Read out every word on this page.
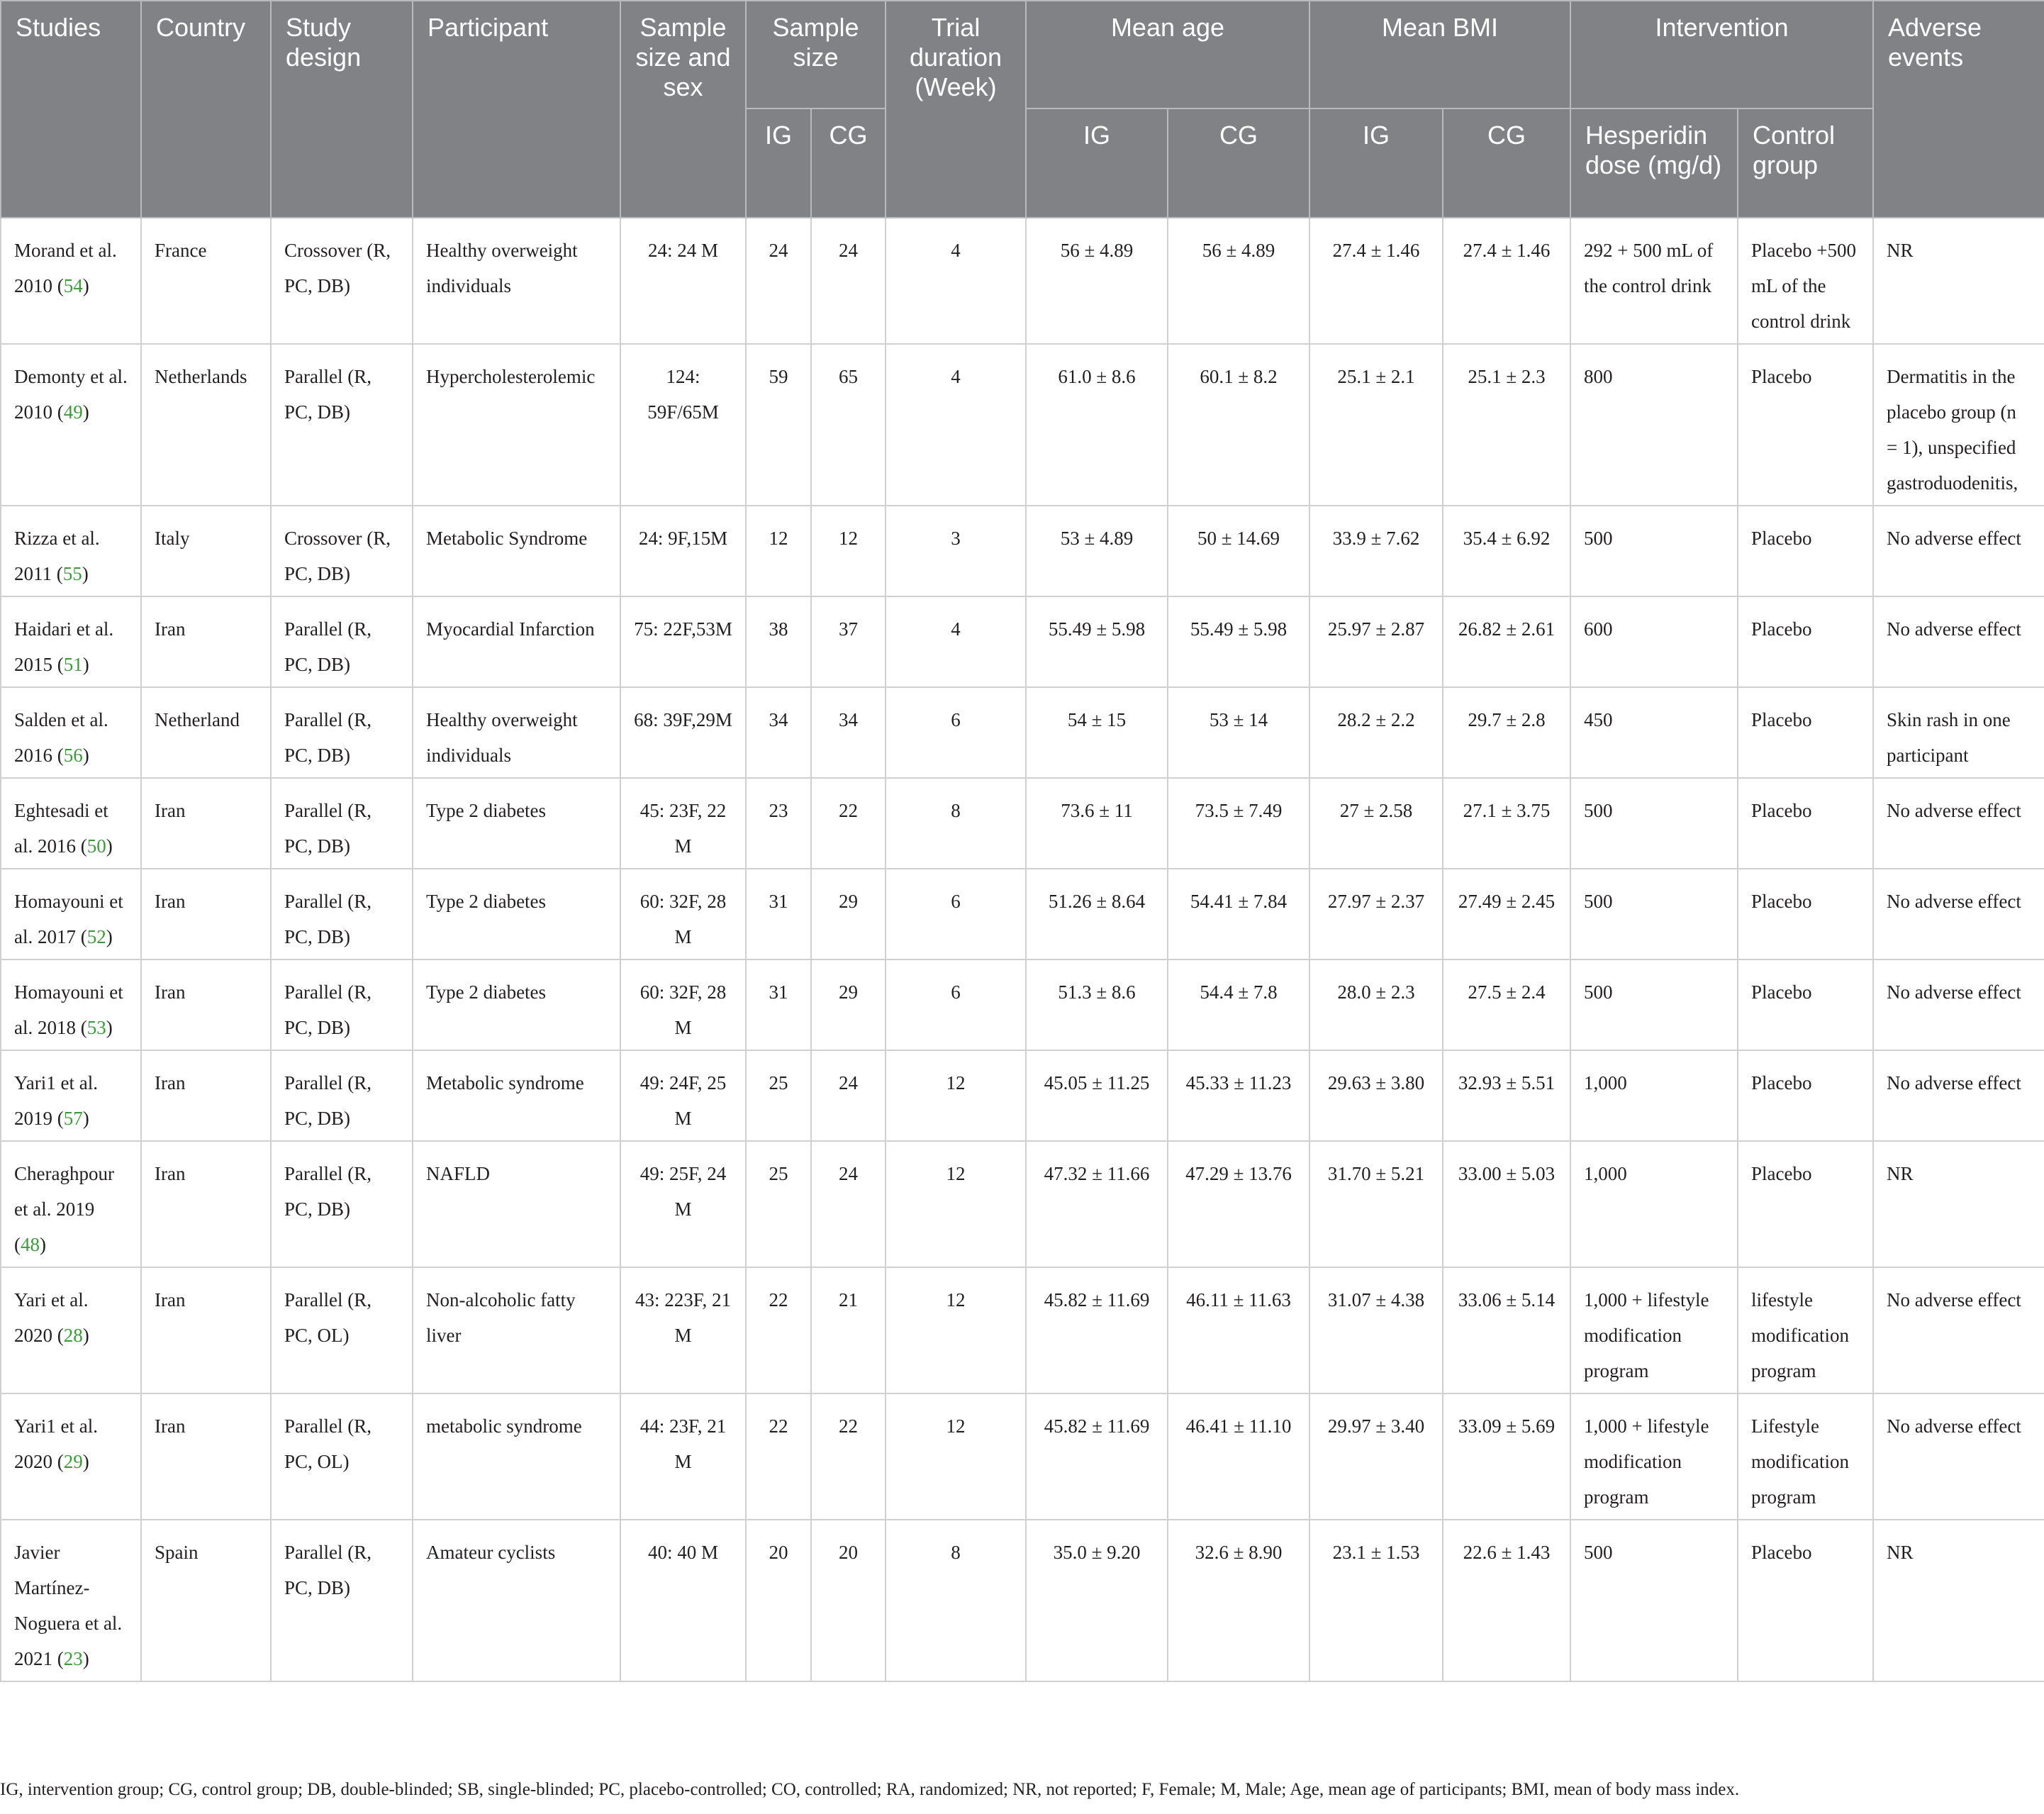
Studies	Country	Study design	Participant	Sample size and sex	Sample size		Trial duration (Week)	Mean age		Mean BMI		Intervention		Adverse events
					IG	CG		IG	CG	IG	CG	Hesperidin dose (mg/d)	Control group	
Morand et al. 2010 (54)	France	Crossover (R, PC, DB)	Healthy overweight individuals	24: 24 M	24	24	4	56 ± 4.89	56 ± 4.89	27.4 ± 1.46	27.4 ± 1.46	292 + 500 mL of the control drink	Placebo +500 mL of the control drink	NR
Demonty et al. 2010 (49)	Netherlands	Parallel (R, PC, DB)	Hypercholesterolemic	124: 59F/65M	59	65	4	61.0 ± 8.6	60.1 ± 8.2	25.1 ± 2.1	25.1 ± 2.3	800	Placebo	Dermatitis in the placebo group (n = 1), unspecified gastroduodenitis,
Rizza et al. 2011 (55)	Italy	Crossover (R, PC, DB)	Metabolic Syndrome	24: 9F,15M	12	12	3	53 ± 4.89	50 ± 14.69	33.9 ± 7.62	35.4 ± 6.92	500	Placebo	No adverse effect
Haidari et al. 2015 (51)	Iran	Parallel (R, PC, DB)	Myocardial Infarction	75: 22F,53M	38	37	4	55.49 ± 5.98	55.49 ± 5.98	25.97 ± 2.87	26.82 ± 2.61	600	Placebo	No adverse effect
Salden et al. 2016 (56)	Netherland	Parallel (R, PC, DB)	Healthy overweight individuals	68: 39F,29M	34	34	6	54 ± 15	53 ± 14	28.2 ± 2.2	29.7 ± 2.8	450	Placebo	Skin rash in one participant
Eghtesadi et al. 2016 (50)	Iran	Parallel (R, PC, DB)	Type 2 diabetes	45: 23F, 22 M	23	22	8	73.6 ± 11	73.5 ± 7.49	27 ± 2.58	27.1 ± 3.75	500	Placebo	No adverse effect
Homayouni et al. 2017 (52)	Iran	Parallel (R, PC, DB)	Type 2 diabetes	60: 32F, 28 M	31	29	6	51.26 ± 8.64	54.41 ± 7.84	27.97 ± 2.37	27.49 ± 2.45	500	Placebo	No adverse effect
Homayouni et al. 2018 (53)	Iran	Parallel (R, PC, DB)	Type 2 diabetes	60: 32F, 28 M	31	29	6	51.3 ± 8.6	54.4 ± 7.8	28.0 ± 2.3	27.5 ± 2.4	500	Placebo	No adverse effect
Yari1 et al. 2019 (57)	Iran	Parallel (R, PC, DB)	Metabolic syndrome	49: 24F, 25 M	25	24	12	45.05 ± 11.25	45.33 ± 11.23	29.63 ± 3.80	32.93 ± 5.51	1,000	Placebo	No adverse effect
Cheraghpour et al. 2019 (48)	Iran	Parallel (R, PC, DB)	NAFLD	49: 25F, 24 M	25	24	12	47.32 ± 11.66	47.29 ± 13.76	31.70 ± 5.21	33.00 ± 5.03	1,000	Placebo	NR
Yari et al. 2020 (28)	Iran	Parallel (R, PC, OL)	Non-alcoholic fatty liver	43: 223F, 21 M	22	21	12	45.82 ± 11.69	46.11 ± 11.63	31.07 ± 4.38	33.06 ± 5.14	1,000 + lifestyle modification program	lifestyle modification program	No adverse effect
Yari1 et al. 2020 (29)	Iran	Parallel (R, PC, OL)	metabolic syndrome	44: 23F, 21 M	22	22	12	45.82 ± 11.69	46.41 ± 11.10	29.97 ± 3.40	33.09 ± 5.69	1,000 + lifestyle modification program	Lifestyle modification program	No adverse effect
Javier Martínez-Noguera et al. 2021 (23)	Spain	Parallel (R, PC, DB)	Amateur cyclists	40: 40 M	20	20	8	35.0 ± 9.20	32.6 ± 8.90	23.1 ± 1.53	22.6 ± 1.43	500	Placebo	NR
IG, intervention group; CG, control group; DB, double-blinded; SB, single-blinded; PC, placebo-controlled; CO, controlled; RA, randomized; NR, not reported; F, Female; M, Male; Age, mean age of participants; BMI, mean of body mass index.
